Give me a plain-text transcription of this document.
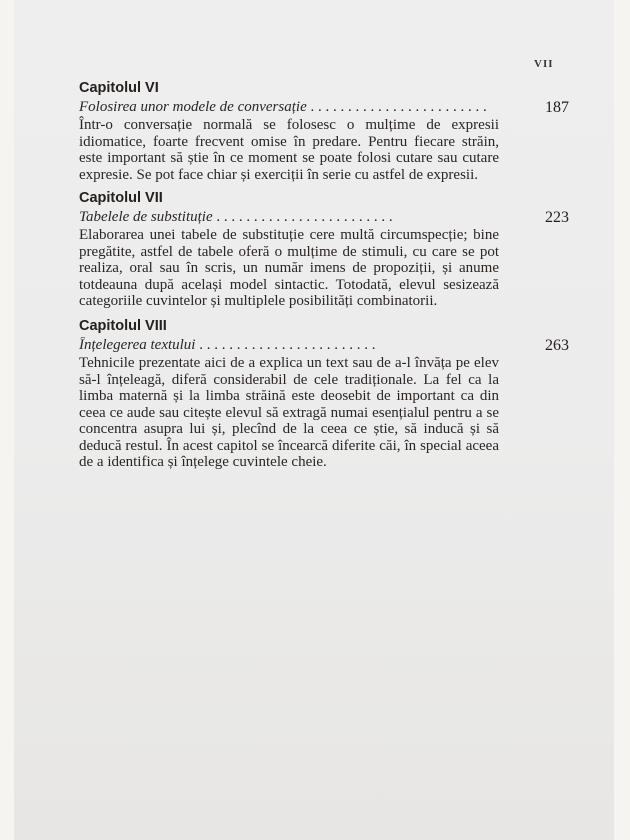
VII
Capitolul VI
Folosirea unor modele de conversație . . .	187

Într-o conversație normală se folosesc o mulțime de expresii idiomatice, foarte frecvent omise în predare. Pentru fiecare străin, este important să știe în ce moment se poate folosi cutare sau cutare expresie. Se pot face chiar și exerciții în serie cu astfel de expresii.

Capitolul VII
Tabelele de substituție . . .	223

Elaborarea unei tabele de substituție cere multă circumspecție; bine pregătite, astfel de tabele oferă o mulțime de stimuli, cu care se pot realiza, oral sau în scris, un număr imens de propoziții, și anume totdeauna după același model sintactic. Totodată, elevul sesizează categoriile cuvintelor și multiplele posibilități combinatorii.

Capitolul VIII
Înțelegerea textului . . .	263

Tehnicile prezentate aici de a explica un text sau de a-l învăța pe elev să-l înțeleagă, diferă considerabil de cele tradiționale. La fel ca la limba maternă și la limba străină este deosebit de important ca din ceea ce aude sau citește elevul să extragă numai esențialul pentru a se concentra asupra lui și, plecînd de la ceea ce știe, să inducă și să deducă restul. În acest capitol se încearcă diferite căi, în special aceea de a identifica și înțelege cuvintele cheie.
